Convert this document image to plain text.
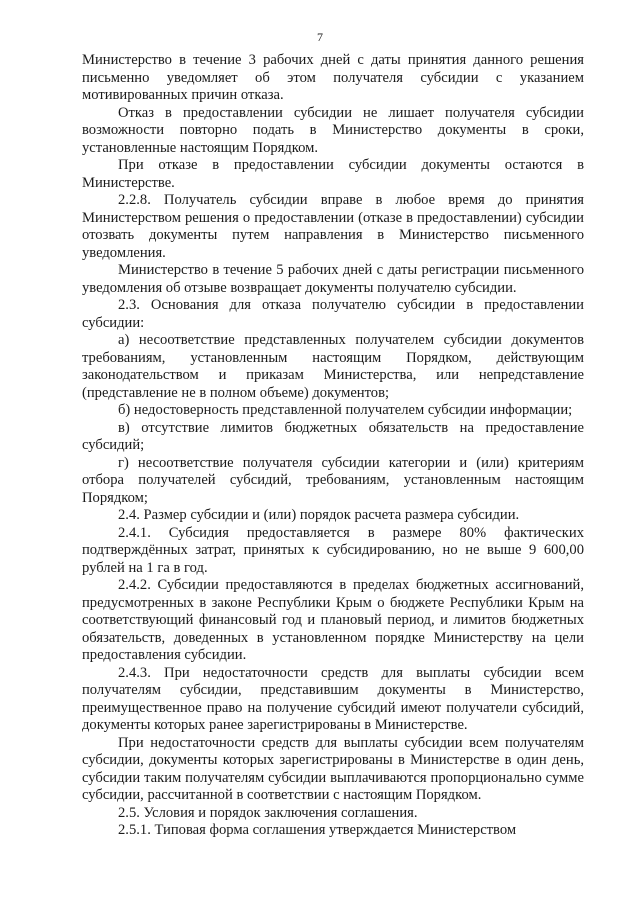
7

Министерство в течение 3 рабочих дней с даты принятия данного решения письменно уведомляет об этом получателя субсидии с указанием мотивированных причин отказа.

Отказ в предоставлении субсидии не лишает получателя субсидии возможности повторно подать в Министерство документы в сроки, установленные настоящим Порядком.

При отказе в предоставлении субсидии документы остаются в Министерстве.

2.2.8. Получатель субсидии вправе в любое время до принятия Министерством решения о предоставлении (отказе в предоставлении) субсидии отозвать документы путем направления в Министерство письменного уведомления.

Министерство в течение 5 рабочих дней с даты регистрации письменного уведомления об отзыве возвращает документы получателю субсидии.

2.3. Основания для отказа получателю субсидии в предоставлении субсидии:

а) несоответствие представленных получателем субсидии документов требованиям, установленным настоящим Порядком, действующим законодательством и приказам Министерства, или непредставление (представление не в полном объеме) документов;

б) недостоверность представленной получателем субсидии информации;

в) отсутствие лимитов бюджетных обязательств на предоставление субсидий;

г) несоответствие получателя субсидии категории и (или) критериям отбора получателей субсидий, требованиям, установленным настоящим Порядком;

2.4. Размер субсидии и (или) порядок расчета размера субсидии.

2.4.1. Субсидия предоставляется в размере 80% фактических подтверждённых затрат, принятых к субсидированию, но не выше 9 600,00 рублей на 1 га в год.

2.4.2. Субсидии предоставляются в пределах бюджетных ассигнований, предусмотренных в законе Республики Крым о бюджете Республики Крым на соответствующий финансовый год и плановый период, и лимитов бюджетных обязательств, доведенных в установленном порядке Министерству на цели предоставления субсидии.

2.4.3. При недостаточности средств для выплаты субсидии всем получателям субсидии, представившим документы в Министерство, преимущественное право на получение субсидий имеют получатели субсидий, документы которых ранее зарегистрированы в Министерстве.

При недостаточности средств для выплаты субсидии всем получателям субсидии, документы которых зарегистрированы в Министерстве в один день, субсидии таким получателям субсидии выплачиваются пропорционально сумме субсидии, рассчитанной в соответствии с настоящим Порядком.

2.5. Условия и порядок заключения соглашения.

2.5.1. Типовая форма соглашения утверждается Министерством
